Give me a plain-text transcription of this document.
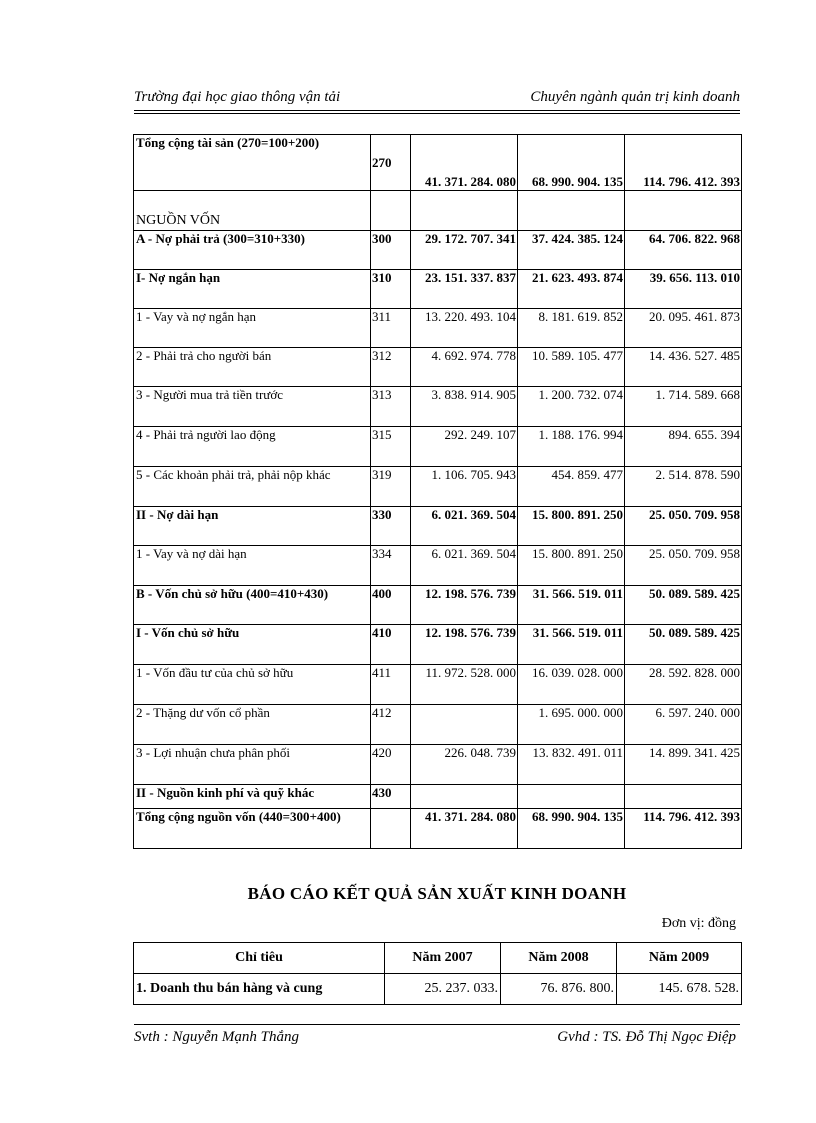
Trường đại học giao thông vận tải	Chuyên ngành quản trị kinh doanh
Tổng cộng tài sản (270=100+200)	270	41. 371. 284. 080	68. 990. 904. 135	114. 796. 412. 393
NGUỒN VỐN				
A - Nợ phải trả (300=310+330)	300	29. 172. 707. 341	37. 424. 385. 124	64. 706. 822. 968
I- Nợ ngắn hạn	310	23. 151. 337. 837	21. 623. 493. 874	39. 656. 113. 010
1 - Vay và nợ ngắn hạn	311	13. 220. 493. 104	8. 181. 619. 852	20. 095. 461. 873
2 - Phải trả cho người bán	312	4. 692. 974. 778	10. 589. 105. 477	14. 436. 527. 485
3 - Người mua trả tiền trước	313	3. 838. 914. 905	1. 200. 732. 074	1. 714. 589. 668
4 - Phải trả người lao động	315	292. 249. 107	1. 188. 176. 994	894. 655. 394
5 - Các khoản phải trả, phải nộp khác	319	1. 106. 705. 943	454. 859. 477	2. 514. 878. 590
II - Nợ dài hạn	330	6. 021. 369. 504	15. 800. 891. 250	25. 050. 709. 958
1 - Vay và nợ dài hạn	334	6. 021. 369. 504	15. 800. 891. 250	25. 050. 709. 958
B - Vốn chủ sở hữu (400=410+430)	400	12. 198. 576. 739	31. 566. 519. 011	50. 089. 589. 425
I - Vốn chủ sở hữu	410	12. 198. 576. 739	31. 566. 519. 011	50. 089. 589. 425
1 - Vốn đầu tư của chủ sở hữu	411	11. 972. 528. 000	16. 039. 028. 000	28. 592. 828. 000
2 - Thặng dư vốn cổ phần	412		1. 695. 000. 000	6. 597. 240. 000
3 - Lợi nhuận chưa phân phối	420	226. 048. 739	13. 832. 491. 011	14. 899. 341. 425
II - Nguồn kinh phí và quỹ khác	430			
Tổng cộng nguồn vốn (440=300+400)		41. 371. 284. 080	68. 990. 904. 135	114. 796. 412. 393
BÁO CÁO KẾT QUẢ SẢN XUẤT KINH DOANH
Đơn vị: đồng
Chỉ tiêu	Năm 2007	Năm 2008	Năm 2009
1. Doanh thu bán hàng và cung	25. 237. 033.	76. 876. 800.	145. 678. 528.
Svth : Nguyễn Mạnh Thắng	Gvhd : TS. Đỗ Thị Ngọc Điệp
